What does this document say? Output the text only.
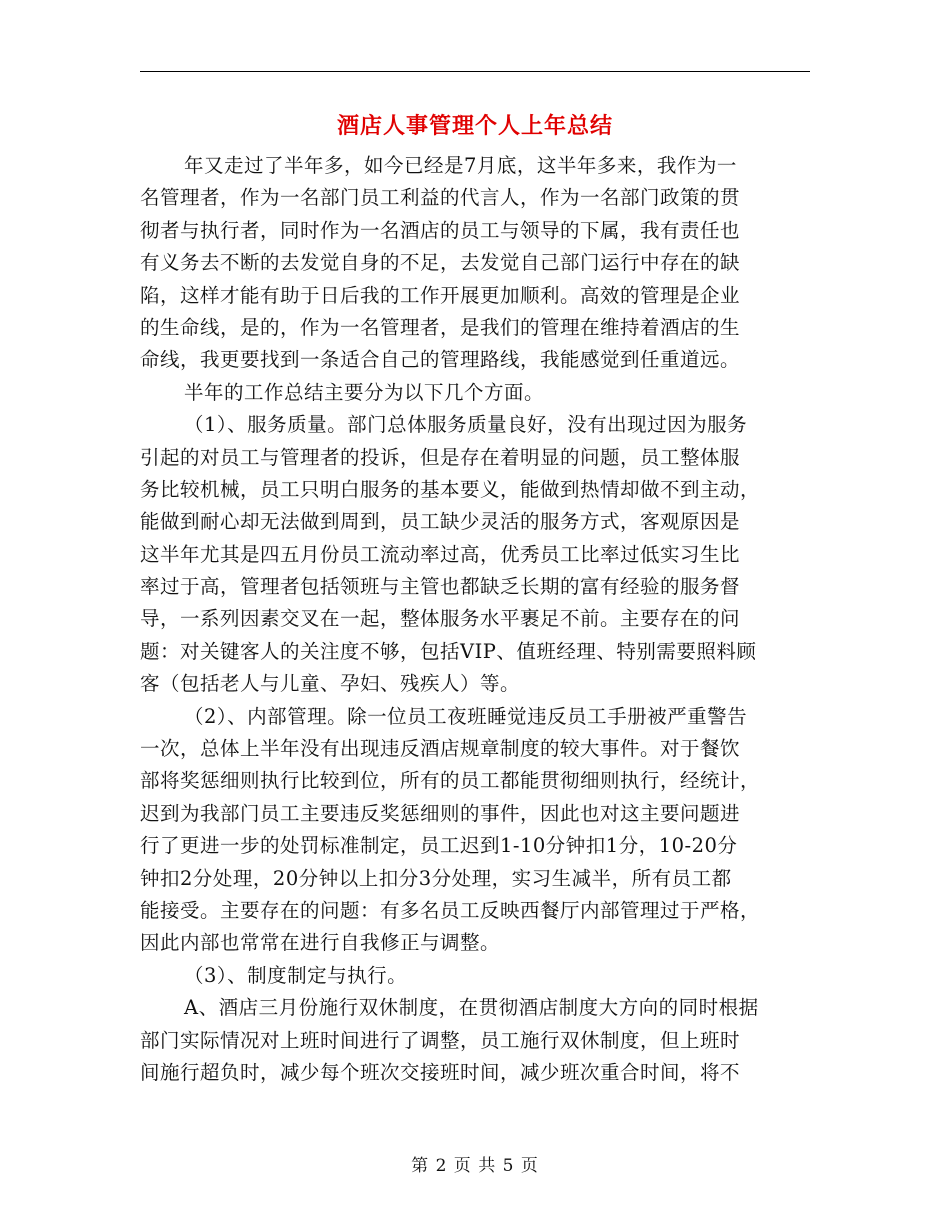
酒店人事管理个人上年总结
年又走过了半年多，如今已经是7月底，这半年多来，我作为一
名管理者，作为一名部门员工利益的代言人，作为一名部门政策的贯
彻者与执行者，同时作为一名酒店的员工与领导的下属，我有责任也
有义务去不断的去发觉自身的不足，去发觉自己部门运行中存在的缺
陷，这样才能有助于日后我的工作开展更加顺利。高效的管理是企业
的生命线，是的，作为一名管理者，是我们的管理在维持着酒店的生
命线，我更要找到一条适合自己的管理路线，我能感觉到任重道远。
半年的工作总结主要分为以下几个方面。
（1）、服务质量。部门总体服务质量良好，没有出现过因为服务
引起的对员工与管理者的投诉，但是存在着明显的问题，员工整体服
务比较机械，员工只明白服务的基本要义，能做到热情却做不到主动，
能做到耐心却无法做到周到，员工缺少灵活的服务方式，客观原因是
这半年尤其是四五月份员工流动率过高，优秀员工比率过低实习生比
率过于高，管理者包括领班与主管也都缺乏长期的富有经验的服务督
导，一系列因素交叉在一起，整体服务水平裹足不前。主要存在的问
题：对关键客人的关注度不够，包括VIP、值班经理、特别需要照料顾
客（包括老人与儿童、孕妇、残疾人）等。
（2）、内部管理。除一位员工夜班睡觉违反员工手册被严重警告
一次，总体上半年没有出现违反酒店规章制度的较大事件。对于餐饮
部将奖惩细则执行比较到位，所有的员工都能贯彻细则执行，经统计，
迟到为我部门员工主要违反奖惩细则的事件，因此也对这主要问题进
行了更进一步的处罚标准制定，员工迟到1-10分钟扣1分，10-20分
钟扣2分处理，20分钟以上扣分3分处理，实习生减半，所有员工都
能接受。主要存在的问题：有多名员工反映西餐厅内部管理过于严格，
因此内部也常常在进行自我修正与调整。
（3）、制度制定与执行。
A、酒店三月份施行双休制度，在贯彻酒店制度大方向的同时根据
部门实际情况对上班时间进行了调整，员工施行双休制度，但上班时
间施行超负时，减少每个班次交接班时间，减少班次重合时间，将不
第 2 页 共 5 页
